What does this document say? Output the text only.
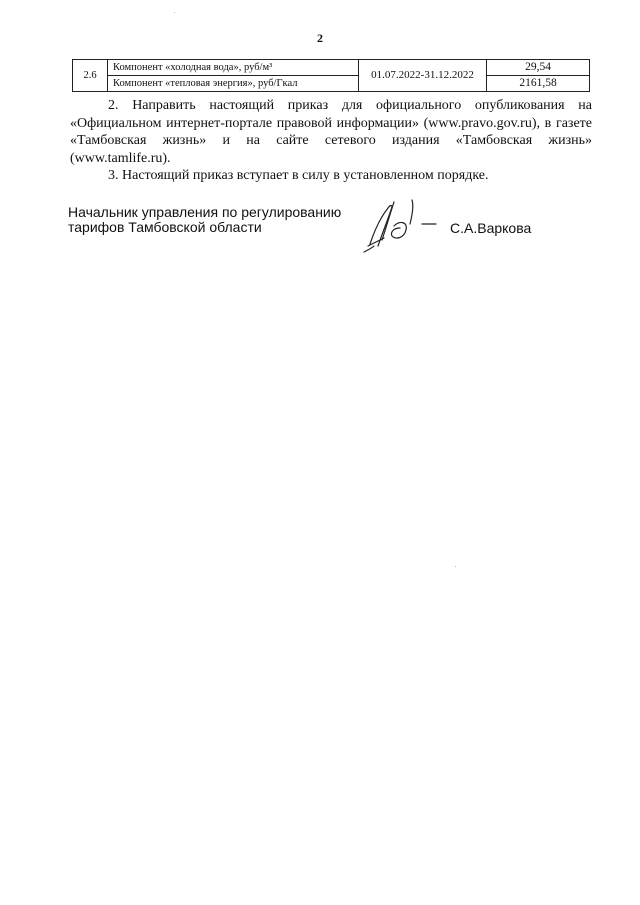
2
2.6	Компонент «холодная вода», руб/м³	01.07.2022-31.12.2022	29,54
	Компонент «тепловая энергия», руб/Гкал		2161,58

2. Направить настоящий приказ для официального опубликования на «Официальном интернет-портале правовой информации» (www.pravo.gov.ru), в газете «Тамбовская жизнь» и на сайте сетевого издания «Тамбовская жизнь» (www.tamlife.ru).

3. Настоящий приказ вступает в силу в установленном порядке.

Начальник управления по регулированию
тарифов Тамбовской области	С.А.Варкова
